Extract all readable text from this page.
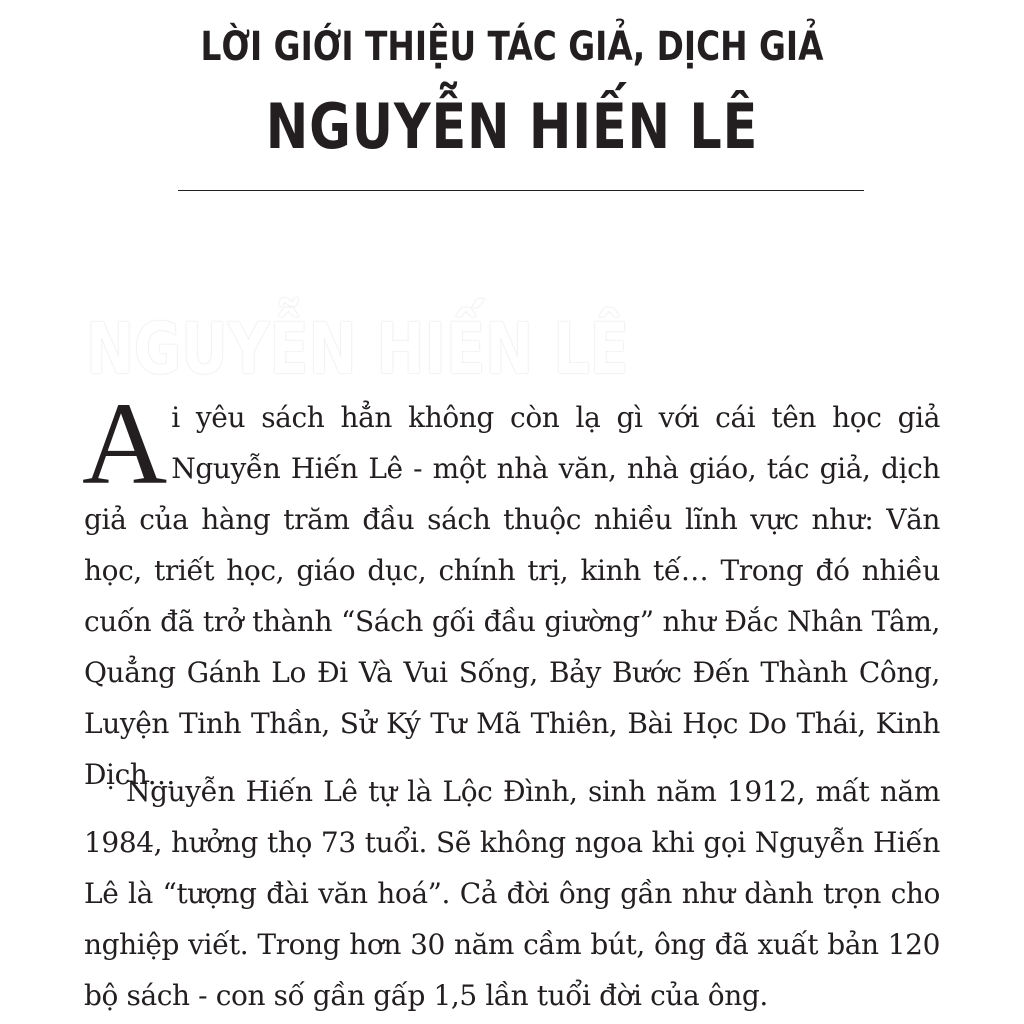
LỜI GIỚI THIỆU TÁC GIẢ, DỊCH GIẢ
NGUYỄN HIẾN LÊ
NGUYỄN HIẾN LÊ

A i yêu sách hẳn không còn lạ gì với cái tên học giả Nguyễn Hiến Lê - một nhà văn, nhà giáo, tác giả, dịch giả của hàng trăm đầu sách thuộc nhiều lĩnh vực như: Văn học, triết học, giáo dục, chính trị, kinh tế… Trong đó nhiều cuốn đã trở thành “Sách gối đầu giường” như Đắc Nhân Tâm, Quẳng Gánh Lo Đi Và Vui Sống, Bảy Bước Đến Thành Công, Luyện Tinh Thần, Sử Ký Tư Mã Thiên, Bài Học Do Thái, Kinh Dịch…

Nguyễn Hiến Lê tự là Lộc Đình, sinh năm 1912, mất năm 1984, hưởng thọ 73 tuổi. Sẽ không ngoa khi gọi Nguyễn Hiến Lê là “tượng đài văn hoá”. Cả đời ông gần như dành trọn cho nghiệp viết. Trong hơn 30 năm cầm bút, ông đã xuất bản 120 bộ sách - con số gần gấp 1,5 lần tuổi đời của ông.
